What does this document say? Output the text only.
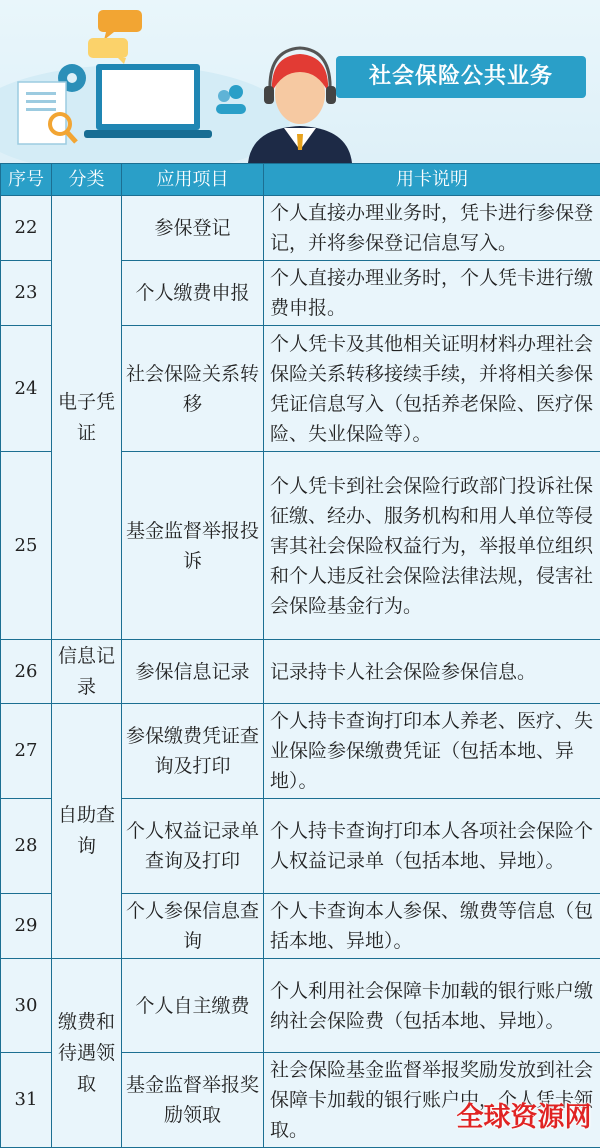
社会保险公共业务
序号	分类	应用项目	用卡说明
22	电子凭证	参保登记	个人直接办理业务时，凭卡进行参保登记，并将参保登记信息写入。
23		个人缴费申报	个人直接办理业务时，个人凭卡进行缴费申报。
24		社会保险关系转移	个人凭卡及其他相关证明材料办理社会保险关系转移接续手续，并将相关参保凭证信息写入（包括养老保险、医疗保险、失业保险等）。
25		基金监督举报投诉	个人凭卡到社会保险行政部门投诉社保征缴、经办、服务机构和用人单位等侵害其社会保险权益行为，举报单位组织和个人违反社会保险法律法规，侵害社会保险基金行为。
26	信息记录	参保信息记录	记录持卡人社会保险参保信息。
27	自助查询	参保缴费凭证查询及打印	个人持卡查询打印本人养老、医疗、失业保险参保缴费凭证（包括本地、异地）。
28		个人权益记录单查询及打印	个人持卡查询打印本人各项社会保险个人权益记录单（包括本地、异地）。
29		个人参保信息查询	个人卡查询本人参保、缴费等信息（包括本地、异地）。
30	缴费和待遇领取	个人自主缴费	个人利用社会保障卡加载的银行账户缴纳社会保险费（包括本地、异地）。
31		基金监督举报奖励领取	社会保险基金监督举报奖励发放到社会保障卡加载的银行账户中，个人凭卡领取。	全球资源网
